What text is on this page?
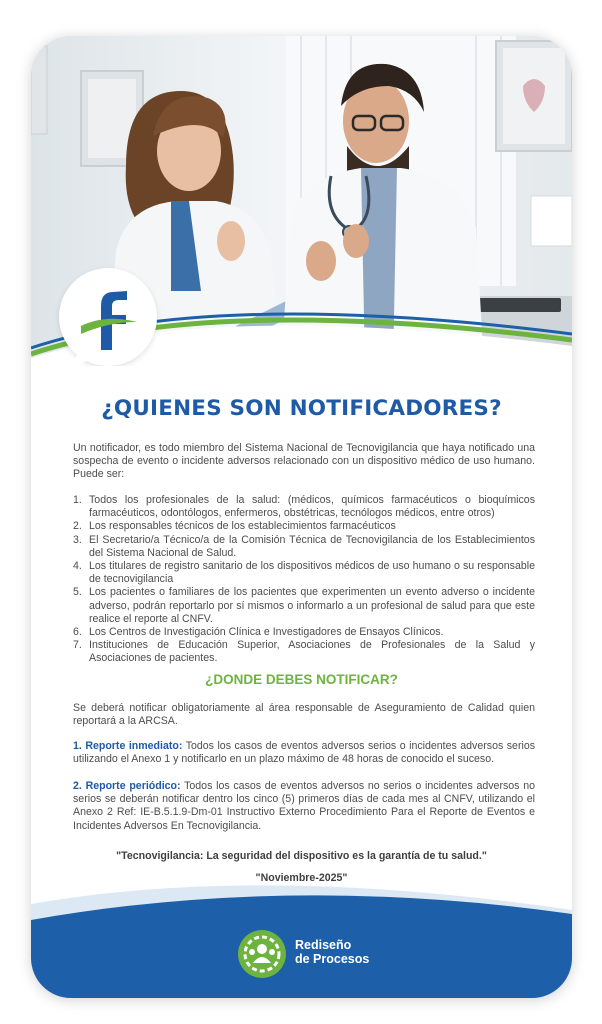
¿QUIENES SON NOTIFICADORES?

Un notificador, es todo miembro del Sistema Nacional de Tecnovigilancia que haya notificado una sospecha de evento o incidente adversos relacionado con un dispositivo médico de uso humano. Puede ser:

1. Todos los profesionales de la salud: (médicos, químicos farmacéuticos o bioquímicos farmacéuticos, odontólogos, enfermeros, obstétricas, tecnólogos médicos, entre otros)
2. Los responsables técnicos de los establecimientos farmacéuticos
3. El Secretario/a Técnico/a de la Comisión Técnica de Tecnovigilancia de los Establecimientos del Sistema Nacional de Salud.
4. Los titulares de registro sanitario de los dispositivos médicos de uso humano o su responsable de tecnovigilancia
5. Los pacientes o familiares de los pacientes que experimenten un evento adverso o incidente adverso, podrán reportarlo por sí mismos o informarlo a un profesional de salud para que este realice el reporte al CNFV.
6. Los Centros de Investigación Clínica e Investigadores de Ensayos Clínicos.
7. Instituciones de Educación Superior, Asociaciones de Profesionales de la Salud y Asociaciones de pacientes.
¿DONDE DEBES NOTIFICAR?

Se deberá notificar obligatoriamente al área responsable de Aseguramiento de Calidad quien reportará a la ARCSA.

1. Reporte inmediato: Todos los casos de eventos adversos serios o incidentes adversos serios utilizando el Anexo 1 y notificarlo en un plazo máximo de 48 horas de conocido el suceso.

2. Reporte periódico: Todos los casos de eventos adversos no serios o incidentes adversos no serios se deberán notificar dentro los cinco (5) primeros días de cada mes al CNFV, utilizando el Anexo 2 Ref: IE-B.5.1.9-Dm-01 Instructivo Externo Procedimiento Para el Reporte de Eventos e Incidentes Adversos En Tecnovigilancia.

"Tecnovigilancia: La seguridad del dispositivo es la garantía de tu salud."
"Noviembre-2025"
Rediseño
de Procesos
